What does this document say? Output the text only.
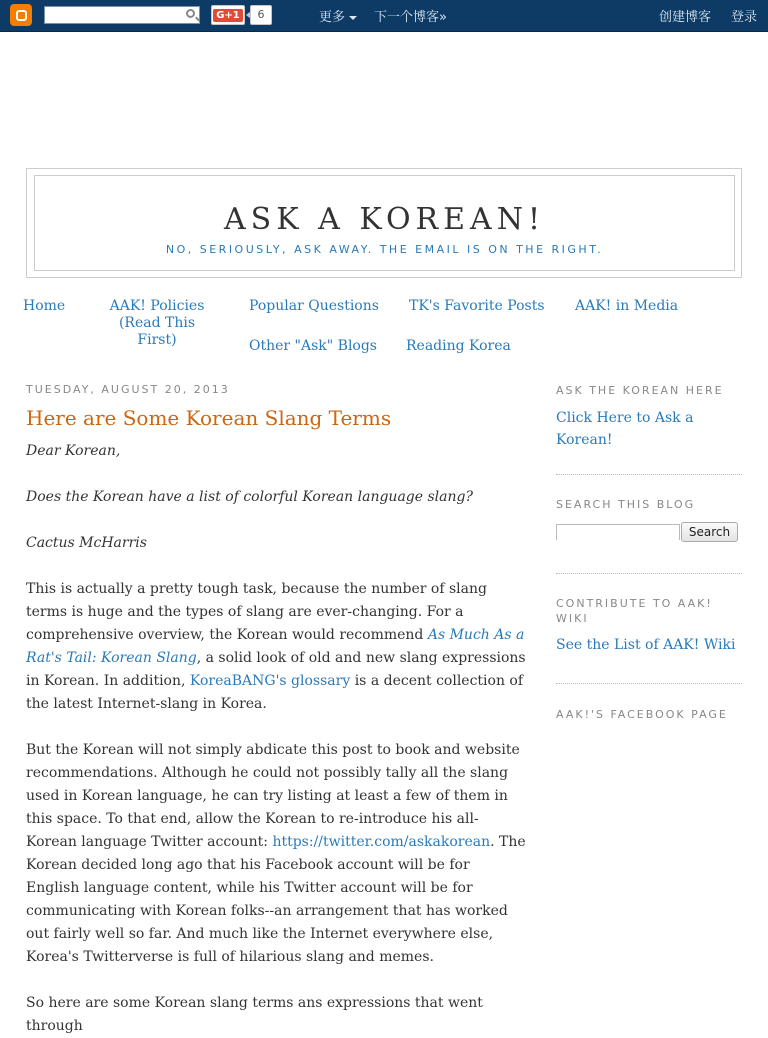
G+1	6	更多	下一个博客»	创建博客 登录
ASK A KOREAN!
NO, SERIOUSLY, ASK AWAY. THE EMAIL IS ON THE RIGHT.
Home	AAK! Policies
(Read This First)
Popular Questions TK's Favorite Posts AAK! in Media
Other "Ask" Blogs Reading Korea
TUESDAY, AUGUST 20, 2013
Here are Some Korean Slang Terms

Dear Korean,

Does the Korean have a list of colorful Korean language slang?

Cactus McHarris

This is actually a pretty tough task, because the number of slang terms is huge and the types of slang are ever-changing. For a comprehensive overview, the Korean would recommend As Much As a Rat's Tail: Korean Slang, a solid look of old and new slang expressions in Korean. In addition, KoreaBANG's glossary is a decent collection of the latest Internet-slang in Korea.

But the Korean will not simply abdicate this post to book and website recommendations. Although he could not possibly tally all the slang used in Korean language, he can try listing at least a few of them in this space. To that end, allow the Korean to re-introduce his all-Korean language Twitter account: https://twitter.com/askakorean. The Korean decided long ago that his Facebook account will be for English language content, while his Twitter account will be for communicating with Korean folks--an arrangement that has worked out fairly well so far. And much like the Internet everywhere else, Korea's Twitterverse is full of hilarious slang and memes.

So here are some Korean slang terms ans expressions that went through

ASK THE KOREAN HERE
Click Here to Ask a Korean!
SEARCH THIS BLOG
Search
CONTRIBUTE TO AAK! WIKI
See the List of AAK! Wiki
AAK!'S FACEBOOK PAGE
